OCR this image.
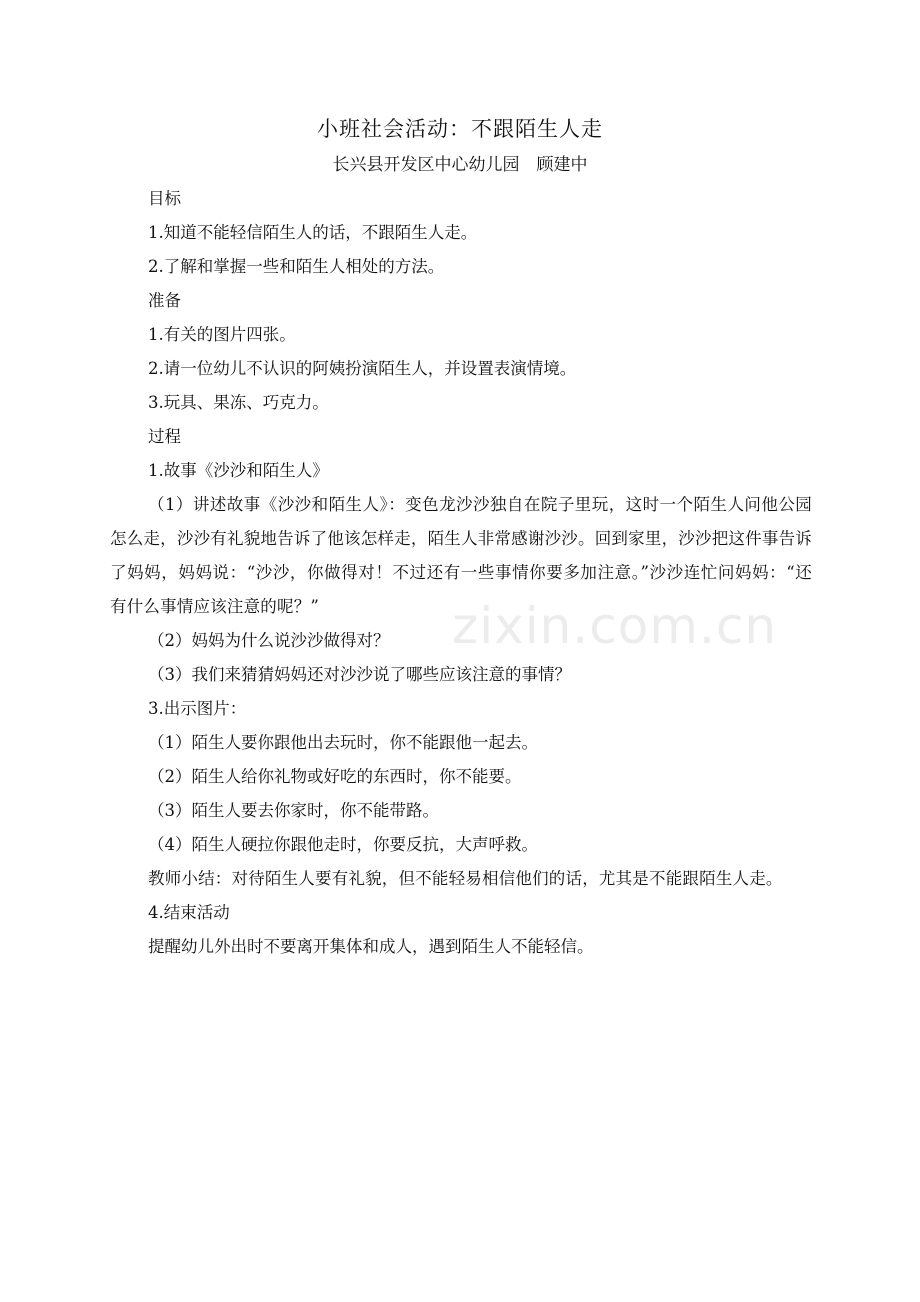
小班社会活动：不跟陌生人走
长兴县开发区中心幼儿园　顾建中

目标

1.知道不能轻信陌生人的话，不跟陌生人走。

2.了解和掌握一些和陌生人相处的方法。

准备

1.有关的图片四张。

2.请一位幼儿不认识的阿姨扮演陌生人，并设置表演情境。

3.玩具、果冻、巧克力。

过程

1.故事《沙沙和陌生人》

（1）讲述故事《沙沙和陌生人》：变色龙沙沙独自在院子里玩，这时一个陌生人问他公园怎么走，沙沙有礼貌地告诉了他该怎样走，陌生人非常感谢沙沙。回到家里，沙沙把这件事告诉了妈妈，妈妈说：“沙沙，你做得对！不过还有一些事情你要多加注意。”沙沙连忙问妈妈：“还有什么事情应该注意的呢？”

（2）妈妈为什么说沙沙做得对？

（3）我们来猜猜妈妈还对沙沙说了哪些应该注意的事情？

3.出示图片：

（1）陌生人要你跟他出去玩时，你不能跟他一起去。

（2）陌生人给你礼物或好吃的东西时，你不能要。

（3）陌生人要去你家时，你不能带路。

（4）陌生人硬拉你跟他走时，你要反抗，大声呼救。

教师小结：对待陌生人要有礼貌，但不能轻易相信他们的话，尤其是不能跟陌生人走。

4.结束活动

提醒幼儿外出时不要离开集体和成人，遇到陌生人不能轻信。

zixin.com.cn
